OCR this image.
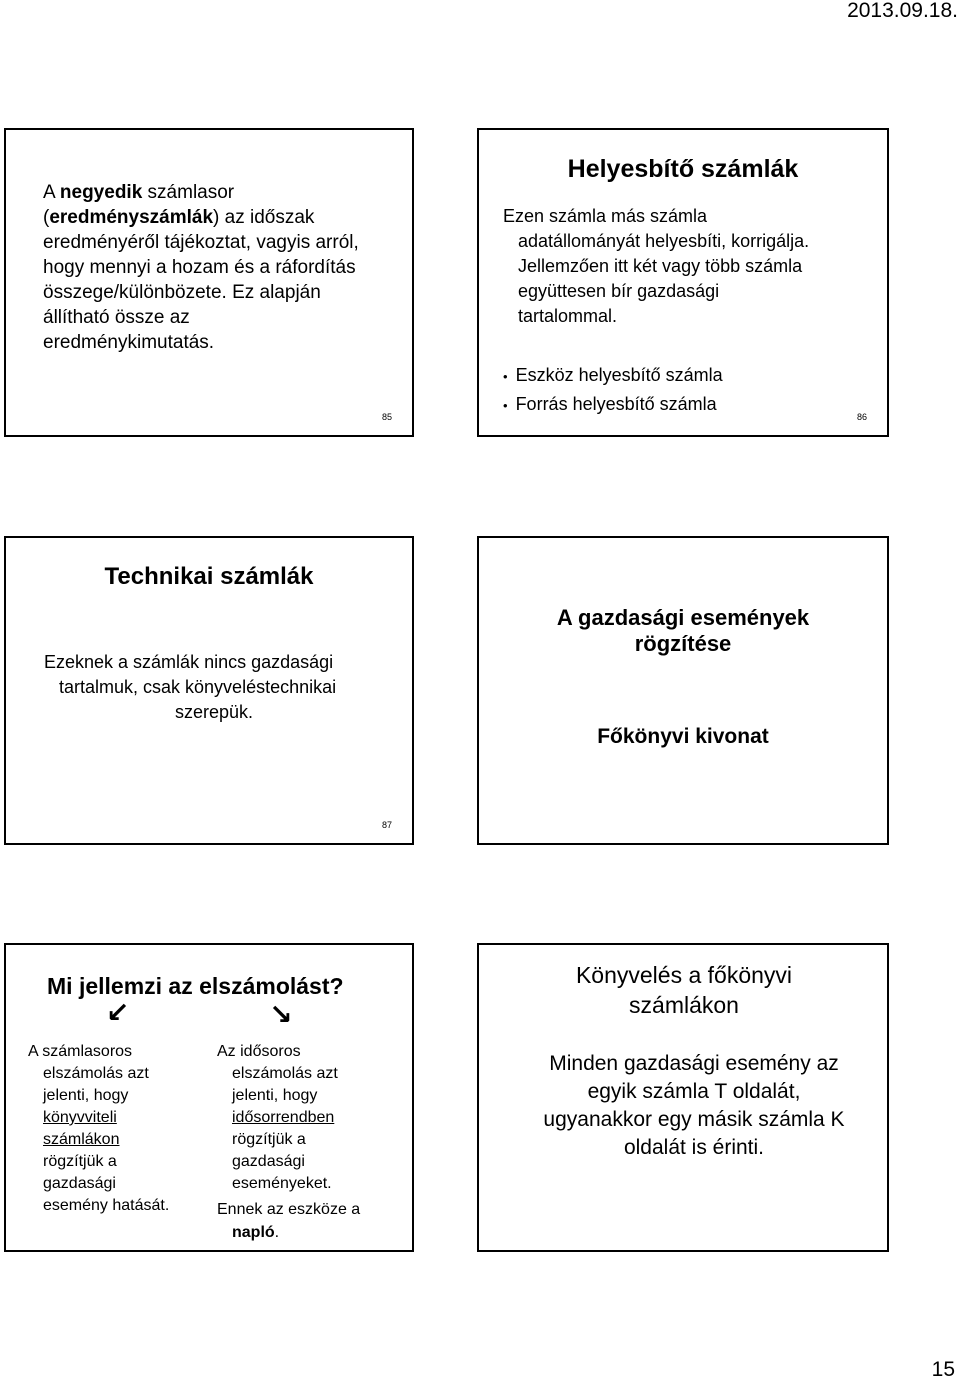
2013.09.18.
15
A negyedik számlasor
(eredményszámlák) az időszak
eredményéről tájékoztat, vagyis arról,
hogy mennyi a hozam és a ráfordítás
összege/különbözete. Ez alapján
állítható össze az
eredménykimutatás.
85
Helyesbítő számlák
Ezen számla más számla
adatállományát helyesbíti, korrigálja.
Jellemzően itt két vagy több számla
együttesen bír gazdasági
tartalommal.
• Eszköz helyesbítő számla
• Forrás helyesbítő számla
86
Technikai számlák
Ezeknek a számlák nincs gazdasági
tartalmuk, csak könyveléstechnikai
szerepük.
87
A gazdasági események
rögzítése
Főkönyvi kivonat
Mi jellemzi az elszámolást?
↙	↘
A számlasoros
elszámolás azt
jelenti, hogy
könyvviteli
számlákon
rögzítjük a
gazdasági
esemény hatását.
Az idősoros
elszámolás azt
jelenti, hogy
idősorrendben
rögzítjük a
gazdasági
eseményeket.
Ennek az eszköze a
napló.
Könyvelés a főkönyvi
számlákon
Minden gazdasági esemény az
egyik számla T oldalát,
ugyanakkor egy másik számla K
oldalát is érinti.
